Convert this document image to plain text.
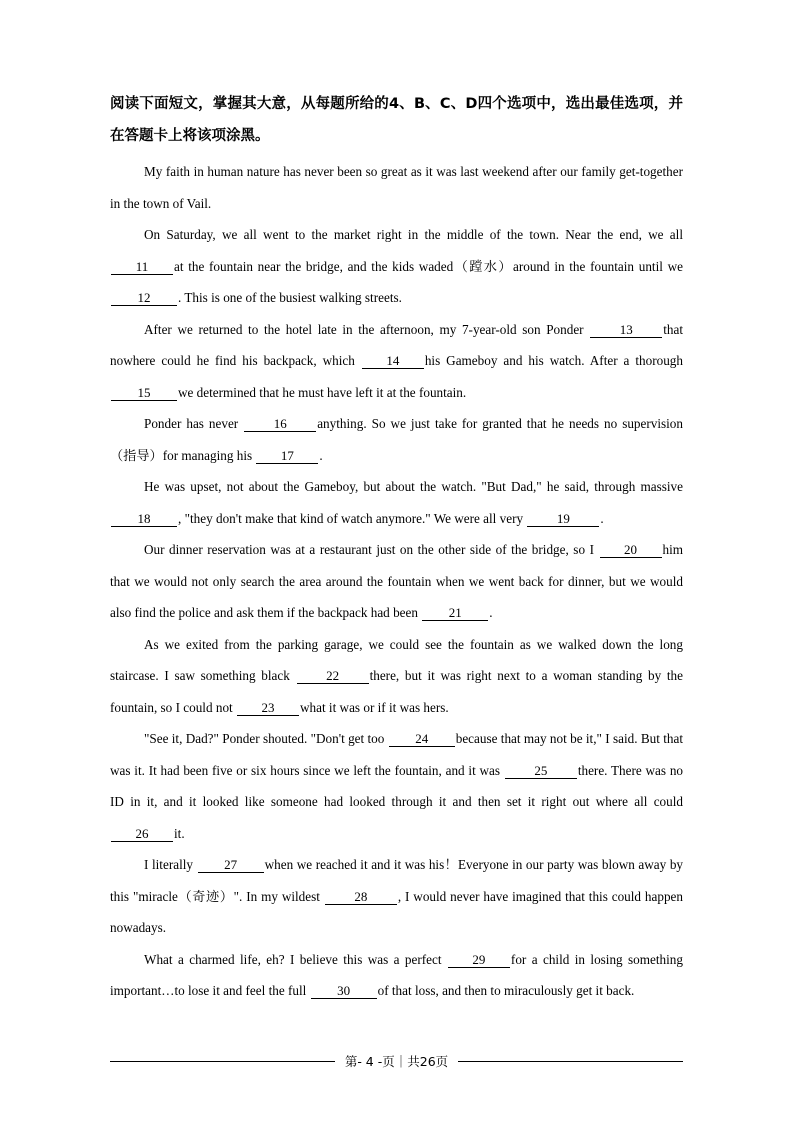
阅读下面短文，掌握其大意，从每题所给的4、B、C、D四个选项中，选出最佳选项，并在答题卡上将该项涂黑。
My faith in human nature has never been so great as it was last weekend after our family get-together in the town of Vail.
On Saturday, we all went to the market right in the middle of the town. Near the end, we all 11 at the fountain near the bridge, and the kids waded（蹚水）around in the fountain until we 12 . This is one of the busiest walking streets.
After we returned to the hotel late in the afternoon, my 7-year-old son Ponder	13 that nowhere could he find his backpack, which 14 his Gameboy and his watch. After a thorough 15 we determined that he must have left it at the fountain.
Ponder has never	16 anything. So we just take for granted that he needs no supervision（指导）for managing his 17 .
He was upset, not about the Gameboy, but about the watch. "But Dad," he said, through massive 18 , "they don't make that kind of watch anymore." We were all very	19 .
Our dinner reservation was at a restaurant just on the other side of the bridge, so I 20 him that we would not only search the area around the fountain when we went back for dinner, but we would also find the police and ask them if the backpack had been 21 .
As we exited from the parking garage, we could see the fountain as we walked down the long staircase. I saw something black	22 there, but it was right next to a woman standing by the fountain, so I could not 23 what it was or if it was hers.
"See it, Dad?" Ponder shouted. "Don't get too 24 because that may not be it," I said. But that was it. It had been five or six hours since we left the fountain, and it was	25 there. There was no ID in it, and it looked like someone had looked through it and then set it right out where all could 26 it.
I literally 27 when we reached it and it was his！Everyone in our party was blown away by this "miracle（奇迹）". In my wildest	28 , I would never have imagined that this could happen nowadays.
What a charmed life, eh? I believe this was a perfect 29 for a child in losing something important…to lose it and feel the full 30 of that loss, and then to miraculously get it back.
第- 4 -页｜共26页
